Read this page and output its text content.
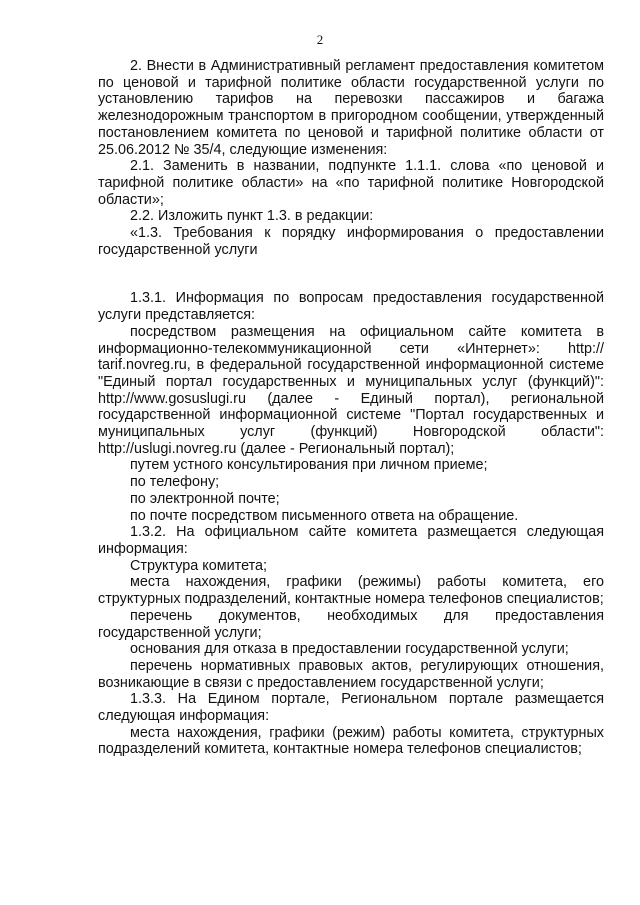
2

2. Внести в Административный регламент предоставления комитетом по ценовой и тарифной политике области государственной услуги по установлению тарифов на перевозки пассажиров и багажа железнодорожным транспортом в пригородном сообщении, утвержденный постановлением комитета по ценовой и тарифной политике области от 25.06.2012 № 35/4, следующие изменения:

2.1. Заменить в названии, подпункте 1.1.1. слова «по ценовой и тарифной политике области» на «по тарифной политике Новгородской области»;

2.2. Изложить пункт 1.3. в редакции:

«1.3. Требования к порядку информирования о предоставлении государственной услуги

1.3.1. Информация по вопросам предоставления государственной услуги представляется:

посредством размещения на официальном сайте комитета в информационно-телекоммуникационной сети «Интернет»: http:// tarif.novreg.ru, в федеральной государственной информационной системе "Единый портал государственных и муниципальных услуг (функций)": http://www.gosuslugi.ru (далее - Единый портал), региональной государственной информационной системе "Портал государственных и муниципальных услуг (функций) Новгородской области": http://uslugi.novreg.ru (далее - Региональный портал);

путем устного консультирования при личном приеме;

по телефону;

по электронной почте;

по почте посредством письменного ответа на обращение.

1.3.2. На официальном сайте комитета размещается следующая информация:

Структура комитета;

места нахождения, графики (режимы) работы комитета, его структурных подразделений, контактные номера телефонов специалистов;

перечень документов, необходимых для предоставления государственной услуги;

основания для отказа в предоставлении государственной услуги;

перечень нормативных правовых актов, регулирующих отношения, возникающие в связи с предоставлением государственной услуги;

1.3.3. На Едином портале, Региональном портале размещается следующая информация:

места нахождения, графики (режим) работы комитета, структурных подразделений комитета, контактные номера телефонов специалистов;
